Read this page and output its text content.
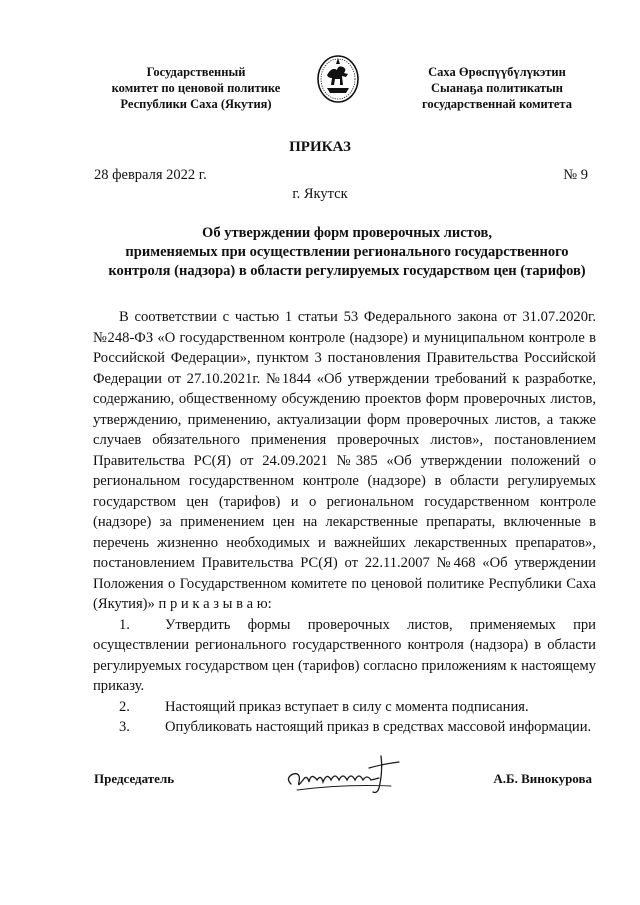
Государственный
комитет по ценовой политике
Республики Саха (Якутия)
Саха Өрөспүүбүлүкэтин
Сыанаҕа политикатын
государственнай комитета
ПРИКАЗ
28 февраля 2022 г.	№ 9
г. Якутск
Об утверждении форм проверочных листов,
применяемых при осуществлении регионального государственного
контроля (надзора) в области регулируемых государством цен (тарифов)

В соответствии с частью 1 статьи 53 Федерального закона от 31.07.2020г. №248-ФЗ «О государственном контроле (надзоре) и муниципальном контроле в Российской Федерации», пунктом 3 постановления Правительства Российской Федерации от 27.10.2021г. №1844 «Об утверждении требований к разработке, содержанию, общественному обсуждению проектов форм проверочных листов, утверждению, применению, актуализации форм проверочных листов, а также случаев обязательного применения проверочных листов», постановлением Правительства РС(Я) от 24.09.2021 №385 «Об утверждении положений о региональном государственном контроле (надзоре) в области регулируемых государством цен (тарифов) и о региональном государственном контроле (надзоре) за применением цен на лекарственные препараты, включенные в перечень жизненно необходимых и важнейших лекарственных препаратов», постановлением Правительства РС(Я) от 22.11.2007 №468 «Об утверждении Положения о Государственном комитете по ценовой политике Республики Саха (Якутия)» п р и к а з ы в а ю:

1. Утвердить формы проверочных листов, применяемых при осуществлении регионального государственного контроля (надзора) в области регулируемых государством цен (тарифов) согласно приложениям к настоящему приказу.

2. Настоящий приказ вступает в силу с момента подписания.

3. Опубликовать настоящий приказ в средствах массовой информации.

Председатель	А.Б. Винокурова
